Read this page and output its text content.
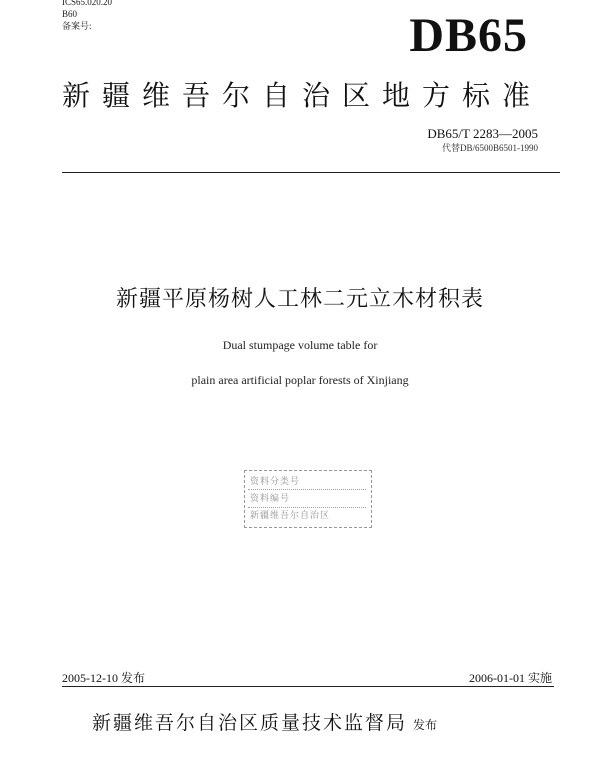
ICS65.020.20
B60
备案号:	DB65
新疆维吾尔自治区地方标准
DB65/T 2283—2005
代替DB/6500B6501-1990
新疆平原杨树人工林二元立木材积表
Dual stumpage volume table for
plain area artificial poplar forests of Xinjiang
资料分类号
资料编号
新疆维吾尔自治区
2005-12-10 发布	2006-01-01 实施
新疆维吾尔自治区质量技术监督局 发布
